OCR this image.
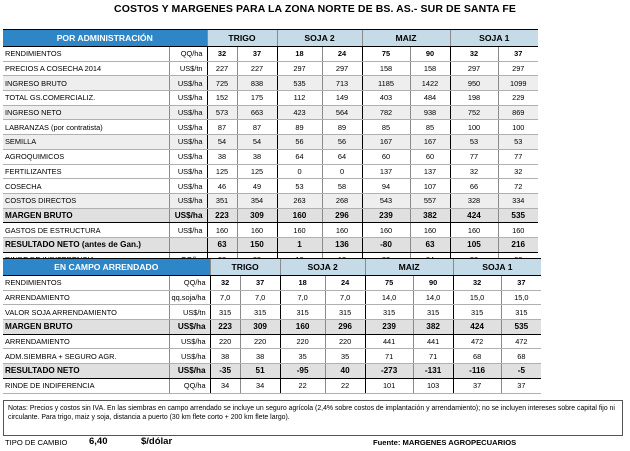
COSTOS Y MARGENES PARA LA ZONA NORTE DE BS. AS.- SUR DE SANTA FE
POR ADMINISTRACIÓN		TRIGO		SOJA 2		MAIZ		SOJA 1	
RENDIMIENTOS	QQ/ha	32	37	18	24	75	90	32	37
PRECIOS A COSECHA 2014	US$/tn	227	227	297	297	158	158	297	297
INGRESO BRUTO	US$/ha	725	838	535	713	1185	1422	950	1099
TOTAL GS.COMERCIALIZ.	US$/ha	152	175	112	149	403	484	198	229
INGRESO NETO	US$/ha	573	663	423	564	782	938	752	869
LABRANZAS (por contratista)	US$/ha	87	87	89	89	85	85	100	100
SEMILLA	US$/ha	54	54	56	56	167	167	53	53
AGROQUIMICOS	US$/ha	38	38	64	64	60	60	77	77
FERTILIZANTES	US$/ha	125	125	0	0	137	137	32	32
COSECHA	US$/ha	46	49	53	58	94	107	66	72
COSTOS DIRECTOS	US$/ha	351	354	263	268	543	557	328	334
MARGEN BRUTO	US$/ha	223	309	160	296	239	382	424	535
GASTOS DE ESTRUCTURA	US$/ha	160	160	160	160	160	160	160	160
RESULTADO NETO (antes de Gan.)		63	150	1	136	-80	63	105	216

EN CAMPO ARRENDADO		TRIGO		SOJA 2		MAIZ		SOJA 1	
RENDIMIENTOS	QQ/ha	32	37	18	24	75	90	32	37
ARRENDAMIENTO	qq.soja/ha	7,0	7,0	7,0	7,0	14,0	14,0	15,0	15,0
VALOR SOJA ARRENDAMIENTO	US$/tn	315	315	315	315	315	315	315	315
MARGEN BRUTO	US$/ha	223	309	160	296	239	382	424	535
ARRENDAMIENTO	US$/ha	220	220	220	220	441	441	472	472
ADM.SIEMBRA + SEGURO AGR.	US$/ha	38	38	35	35	71	71	68	68
RESULTADO NETO	US$/ha	-35	51	-95	40	-273	-131	-116	-5
RINDE DE INDIFERENCIA	QQ/ha	34	34	22	22	101	103	37	37
Notas: Precios y costos sin IVA. En las siembras en campo arrendado se incluye un seguro agrícola (2,4% sobre costos de implantación y arrendamiento); no se incluyen intereses sobre capital fijo ni circulante. Para trigo, maiz y soja, distancia a puerto (30 km flete corto + 200 km flete largo).
TIPO DE CAMBIO 6,40	$/dólar	Fuente: MARGENES AGROPECUARIOS
